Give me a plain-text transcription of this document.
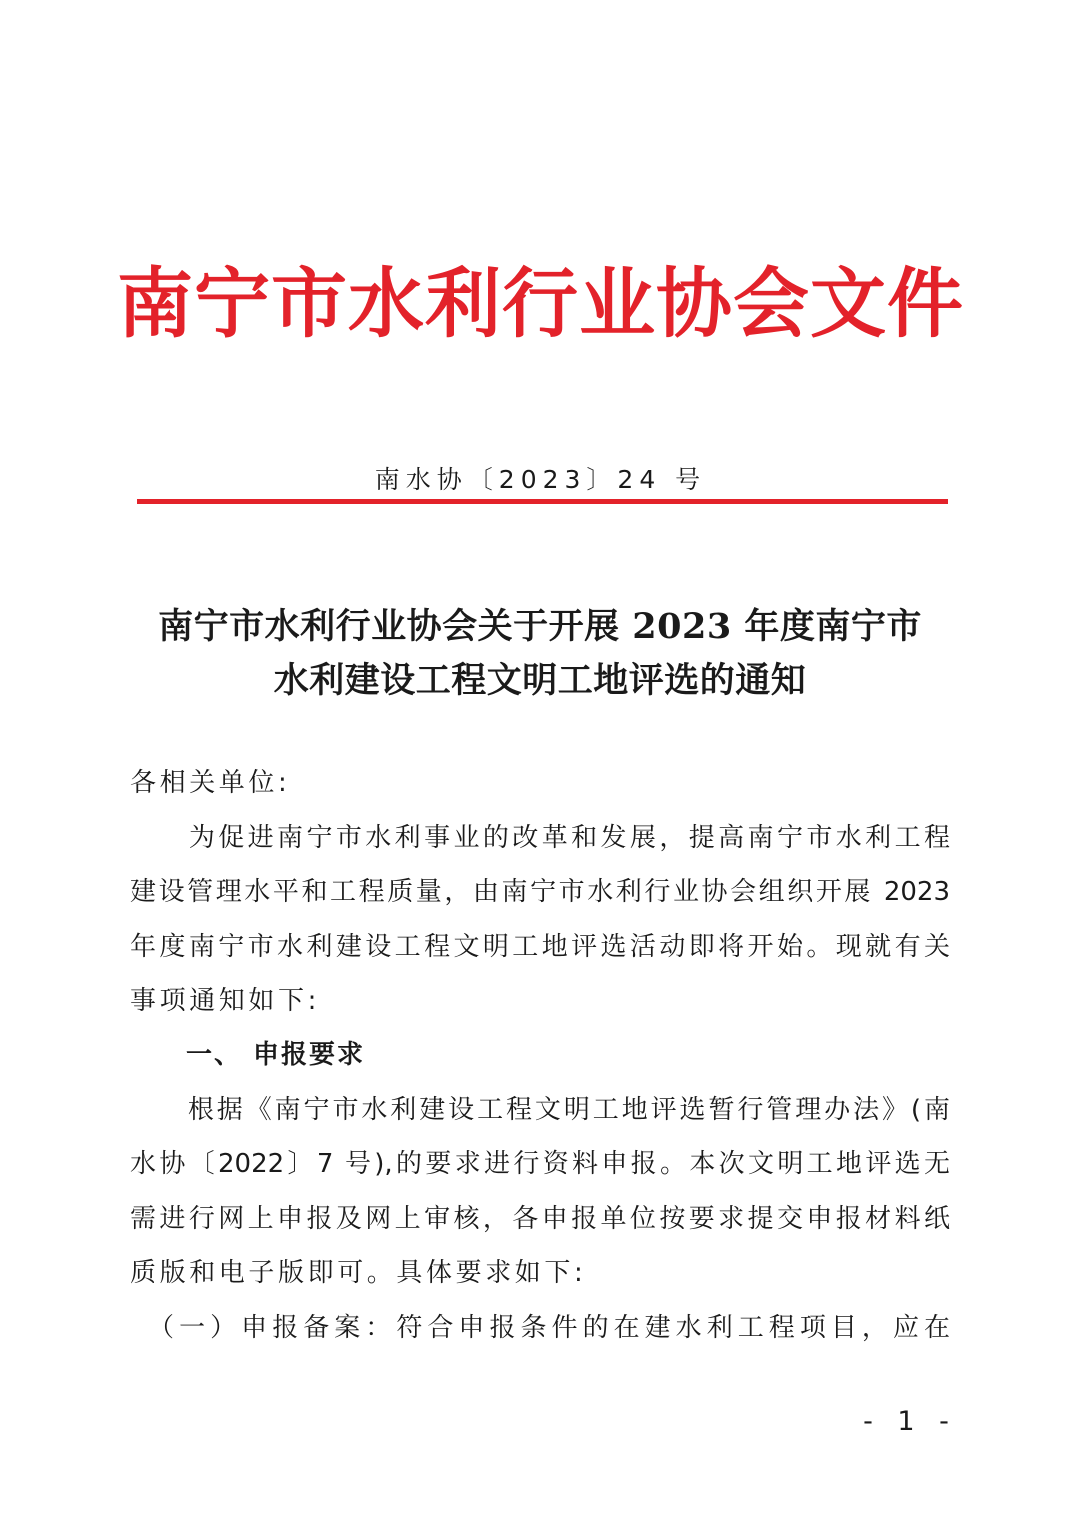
南宁市水利行业协会文件
南水协〔2023〕24 号
南宁市水利行业协会关于开展 2023 年度南宁市
水利建设工程文明工地评选的通知
各相关单位:
　　为促进南宁市水利事业的改革和发展，提高南宁市水利工程
建设管理水平和工程质量，由南宁市水利行业协会组织开展 2023
年度南宁市水利建设工程文明工地评选活动即将开始。现就有关
事项通知如下:
　　一、 申报要求
　　根据《南宁市水利建设工程文明工地评选暂行管理办法》(南
水协〔2022〕7 号),的要求进行资料申报。本次文明工地评选无
需进行网上申报及网上审核，各申报单位按要求提交申报材料纸
质版和电子版即可。具体要求如下:
　（一）申报备案：符合申报条件的在建水利工程项目，应在
- 1 -
